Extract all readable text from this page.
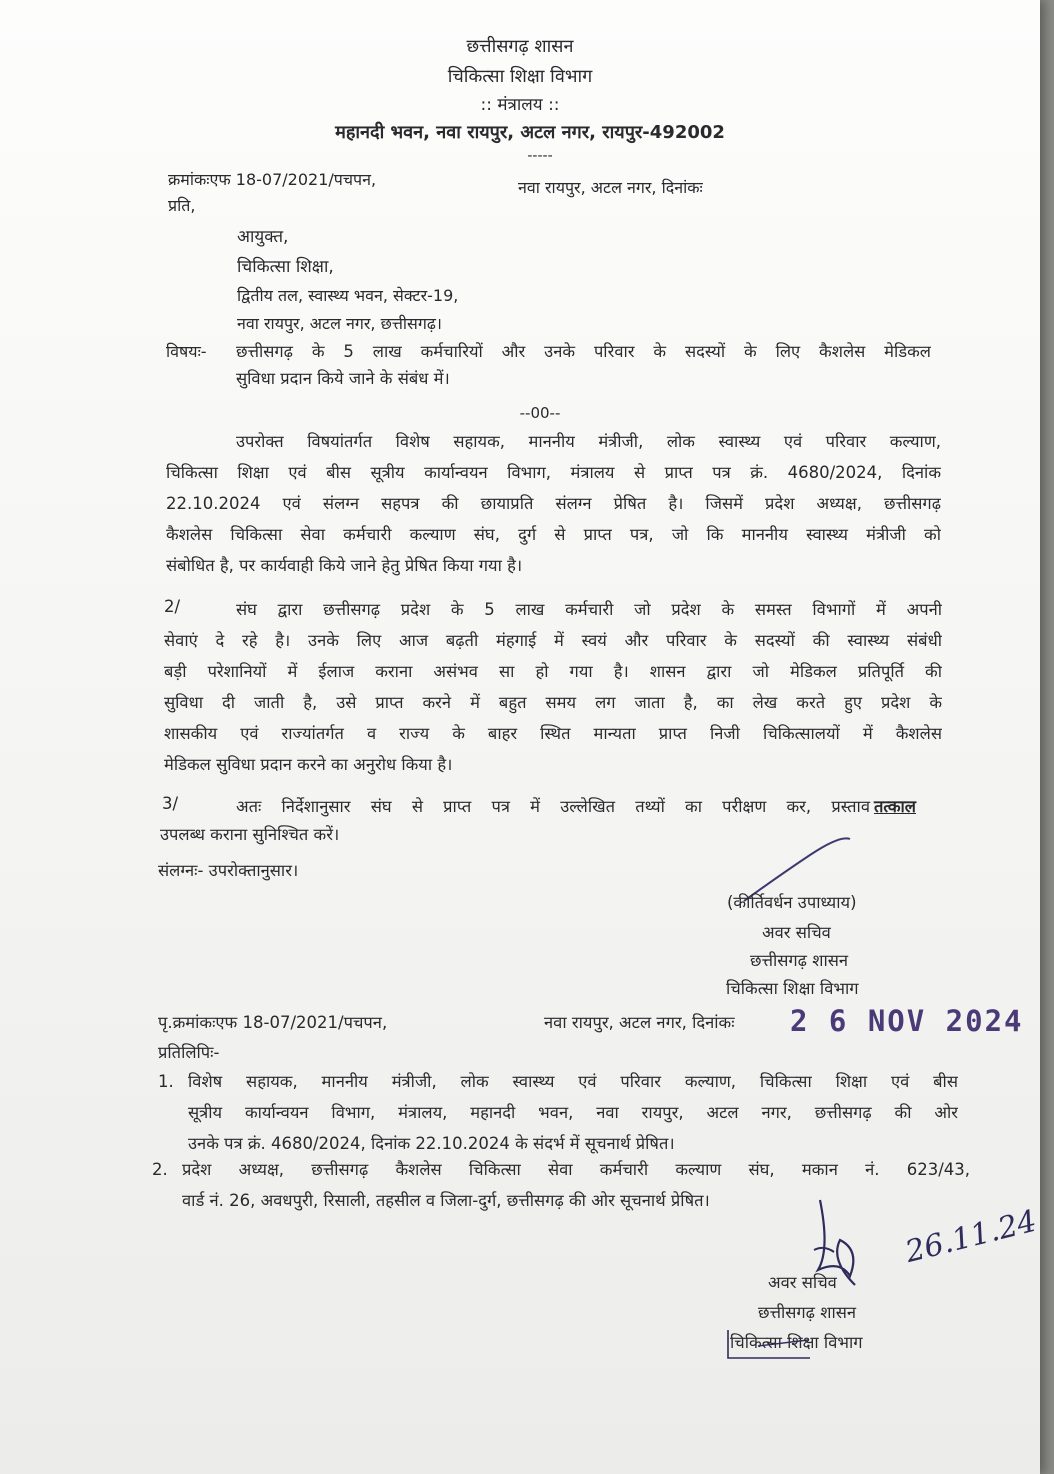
छत्तीसगढ़ शासन
चिकित्सा शिक्षा विभाग
:: मंत्रालय ::
महानदी भवन, नवा रायपुर, अटल नगर, रायपुर-492002
-----
क्रमांकःएफ 18-07/2021/पचपन,	नवा रायपुर, अटल नगर, दिनांकः
प्रति,
आयुक्त,
चिकित्सा शिक्षा,
द्वितीय तल, स्वास्थ्य भवन, सेक्टर-19,
नवा रायपुर, अटल नगर, छत्तीसगढ़।
विषयः- छत्तीसगढ़ के 5 लाख कर्मचारियों और उनके परिवार के सदस्यों के लिए कैशलेस मेडिकल
सुविधा प्रदान किये जाने के संबंध में।
--00--
उपरोक्त विषयांतर्गत विशेष सहायक, माननीय मंत्रीजी, लोक स्वास्थ्य एवं परिवार कल्याण,
चिकित्सा शिक्षा एवं बीस सूत्रीय कार्यान्वयन विभाग, मंत्रालय से प्राप्त पत्र क्रं. 4680/2024, दिनांक
22.10.2024 एवं संलग्न सहपत्र की छायाप्रति संलग्न प्रेषित है। जिसमें प्रदेश अध्यक्ष, छत्तीसगढ़
कैशलेस चिकित्सा सेवा कर्मचारी कल्याण संघ, दुर्ग से प्राप्त पत्र, जो कि माननीय स्वास्थ्य मंत्रीजी को
संबोधित है, पर कार्यवाही किये जाने हेतु प्रेषित किया गया है।
2/	संघ द्वारा छत्तीसगढ़ प्रदेश के 5 लाख कर्मचारी जो प्रदेश के समस्त विभागों में अपनी
सेवाएं दे रहे है। उनके लिए आज बढ़ती मंहगाई में स्वयं और परिवार के सदस्यों की स्वास्थ्य संबंधी
बड़ी परेशानियों में ईलाज कराना असंभव सा हो गया है। शासन द्वारा जो मेडिकल प्रतिपूर्ति की
सुविधा दी जाती है, उसे प्राप्त करने में बहुत समय लग जाता है, का लेख करते हुए प्रदेश के
शासकीय एवं राज्यांतर्गत व राज्य के बाहर स्थित मान्यता प्राप्त निजी चिकित्सालयों में कैशलेस
मेडिकल सुविधा प्रदान करने का अनुरोध किया है।
3/	अतः निर्देशानुसार संघ से प्राप्त पत्र में उल्लेखित तथ्यों का परीक्षण कर, प्रस्ताव तत्काल
उपलब्ध कराना सुनिश्चित करें।
संलग्नः- उपरोक्तानुसार।
(कीर्तिवर्धन उपाध्याय)
अवर सचिव
छत्तीसगढ़ शासन
चिकित्सा शिक्षा विभाग
पृ.क्रमांकःएफ 18-07/2021/पचपन,	नवा रायपुर, अटल नगर, दिनांकः 2 6 NOV 2024
प्रतिलिपिः-
1. विशेष सहायक, माननीय मंत्रीजी, लोक स्वास्थ्य एवं परिवार कल्याण, चिकित्सा शिक्षा एवं बीस
सूत्रीय कार्यान्वयन विभाग, मंत्रालय, महानदी भवन, नवा रायपुर, अटल नगर, छत्तीसगढ़ की ओर
उनके पत्र क्रं. 4680/2024, दिनांक 22.10.2024 के संदर्भ में सूचनार्थ प्रेषित।
2. प्रदेश अध्यक्ष, छत्तीसगढ़ कैशलेस चिकित्सा सेवा कर्मचारी कल्याण संघ, मकान नं. 623/43,
वार्ड नं. 26, अवधपुरी, रिसाली, तहसील व जिला-दुर्ग, छत्तीसगढ़ की ओर सूचनार्थ प्रेषित।
26.11.24
अवर सचिव
छत्तीसगढ़ शासन
चिकित्सा शिक्षा विभाग
